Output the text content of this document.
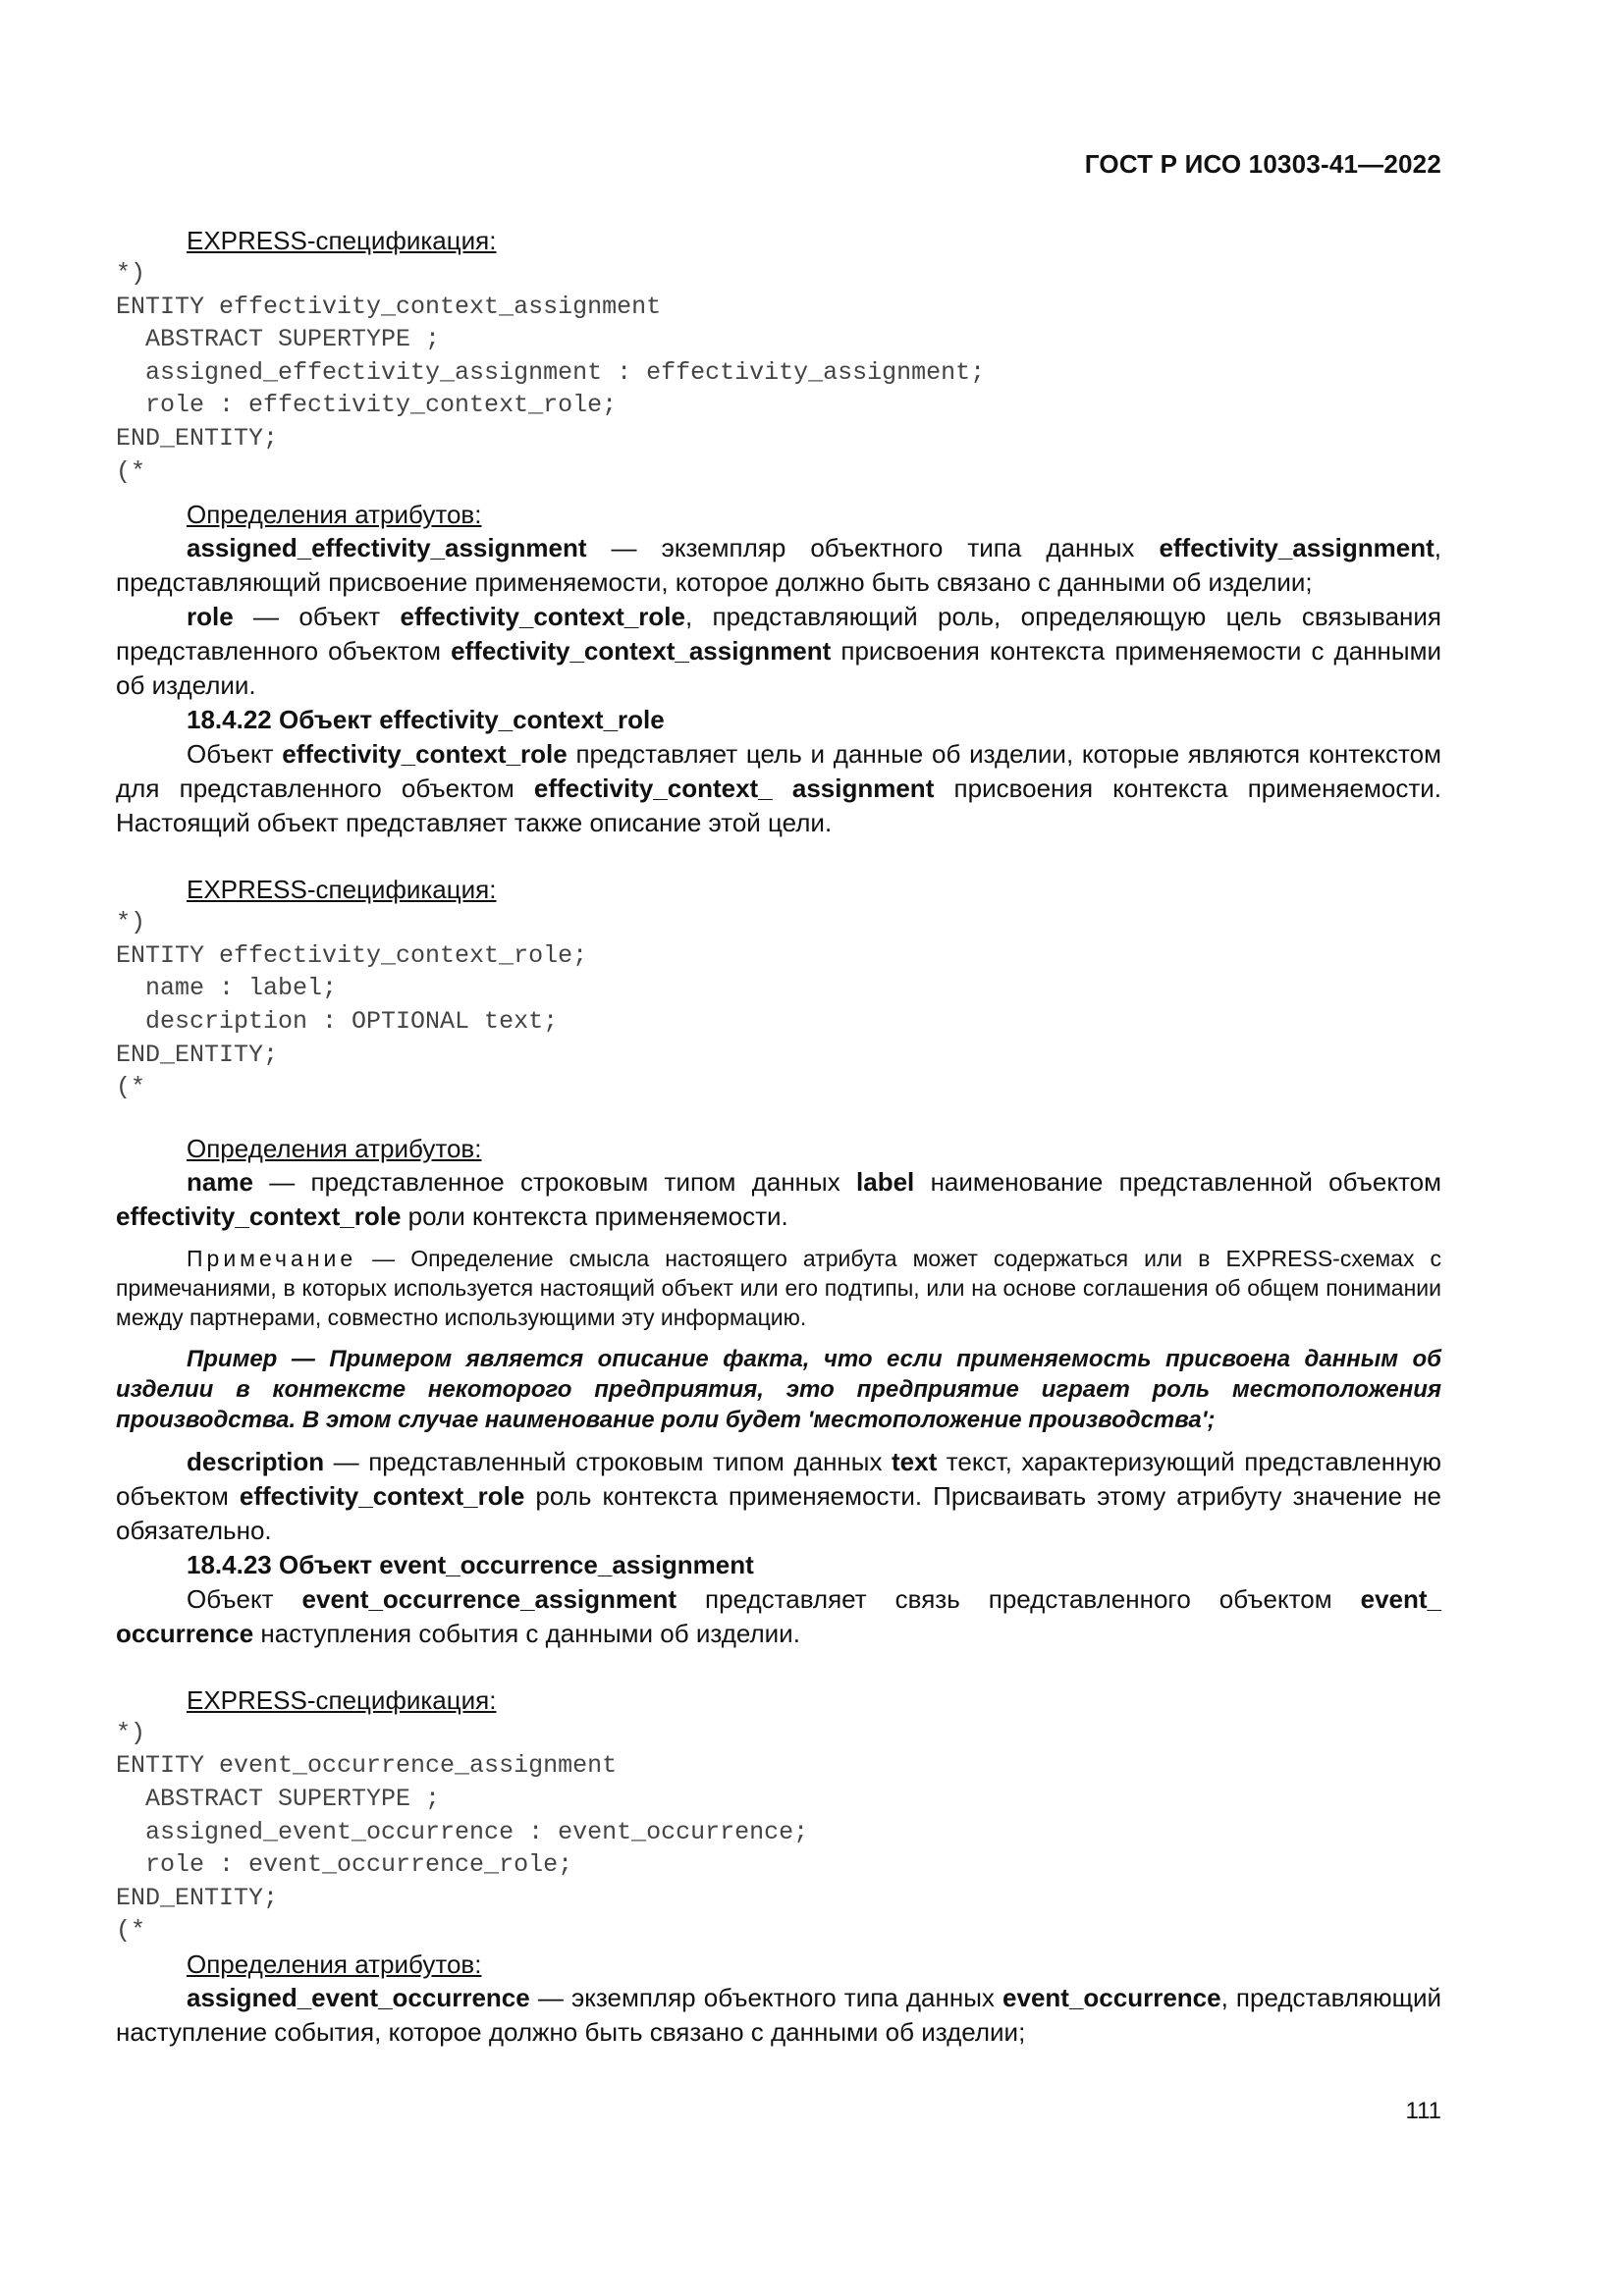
ГОСТ Р ИСО 10303-41—2022
EXPRESS-спецификация:
*)
ENTITY effectivity_context_assignment
ABSTRACT SUPERTYPE ;
assigned_effectivity_assignment : effectivity_assignment;
role : effectivity_context_role;
END_ENTITY;
(*
Определения атрибутов:

assigned_effectivity_assignment — экземпляр объектного типа данных effectivity_assignment, представляющий присвоение применяемости, которое должно быть связано с данными об изделии;

role — объект effectivity_context_role, представляющий роль, определяющую цель связывания представленного объектом effectivity_context_assignment присвоения контекста применяемости с данными об изделии.

18.4.22 Объект effectivity_context_role

Объект effectivity_context_role представляет цель и данные об изделии, которые являются контекстом для представленного объектом effectivity_context_ assignment присвоения контекста применяемости. Настоящий объект представляет также описание этой цели.

EXPRESS-спецификация:
*)
ENTITY effectivity_context_role;
name : label;
description : OPTIONAL text;
END_ENTITY;
(*
Определения атрибутов:

name — представленное строковым типом данных label наименование представленной объектом effectivity_context_role роли контекста применяемости.

Примечание — Определение смысла настоящего атрибута может содержаться или в EXPRESS-схемах с примечаниями, в которых используется настоящий объект или его подтипы, или на основе соглашения об общем понимании между партнерами, совместно использующими эту информацию.

Пример — Примером является описание факта, что если применяемость присвоена данным об изделии в контексте некоторого предприятия, это предприятие играет роль местоположения производства. В этом случае наименование роли будет 'местоположение производства';

description — представленный строковым типом данных text текст, характеризующий представленную объектом effectivity_context_role роль контекста применяемости. Присваивать этому атрибуту значение не обязательно.

18.4.23 Объект event_occurrence_assignment

Объект event_occurrence_assignment представляет связь представленного объектом event_ occurrence наступления события с данными об изделии.

EXPRESS-спецификация:
*)
ENTITY event_occurrence_assignment
ABSTRACT SUPERTYPE ;
assigned_event_occurrence : event_occurrence;
role : event_occurrence_role;
END_ENTITY;
(*
Определения атрибутов:

assigned_event_occurrence — экземпляр объектного типа данных event_occurrence, представляющий наступление события, которое должно быть связано с данными об изделии;

111
